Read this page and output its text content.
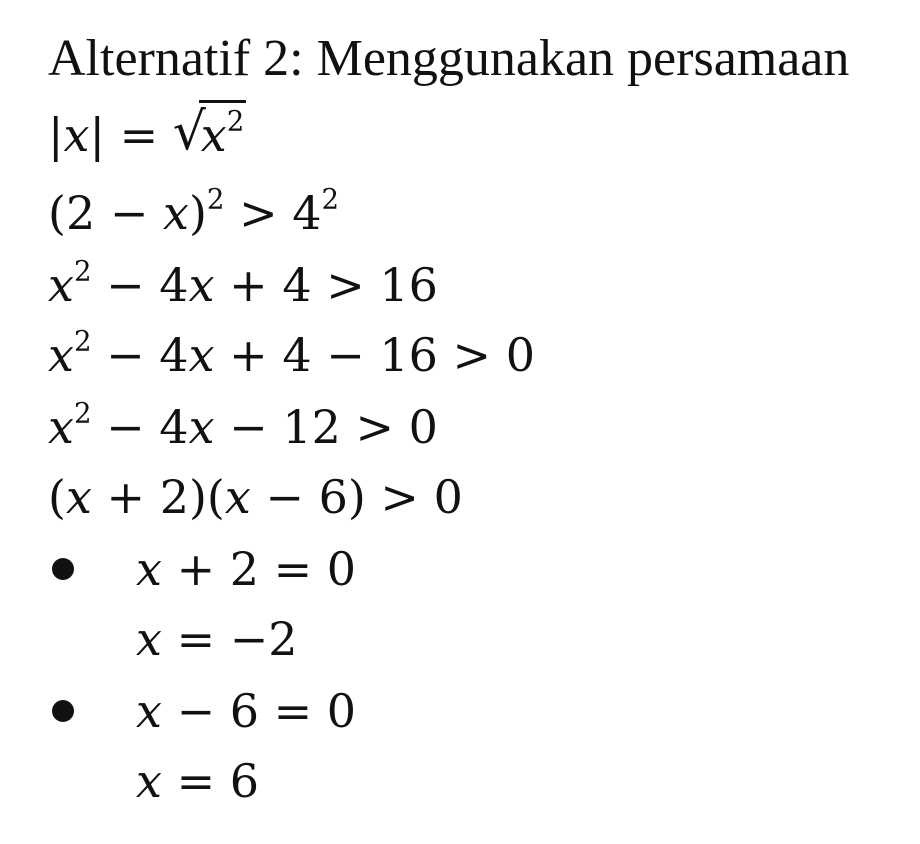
Alternatif 2: Menggunakan persamaan
|x| = √
$x^2$
$(2 - x)^2 > 4^2$
$x^2 - 4x + 4 > 16$
$x^2 - 4x + 4 - 16 > 0$
$x^2 - 4x - 12 > 0$
(x + 2)(x − 6) > 0
x + 2 = 0
x = −2
x − 6 = 0
x = 6
